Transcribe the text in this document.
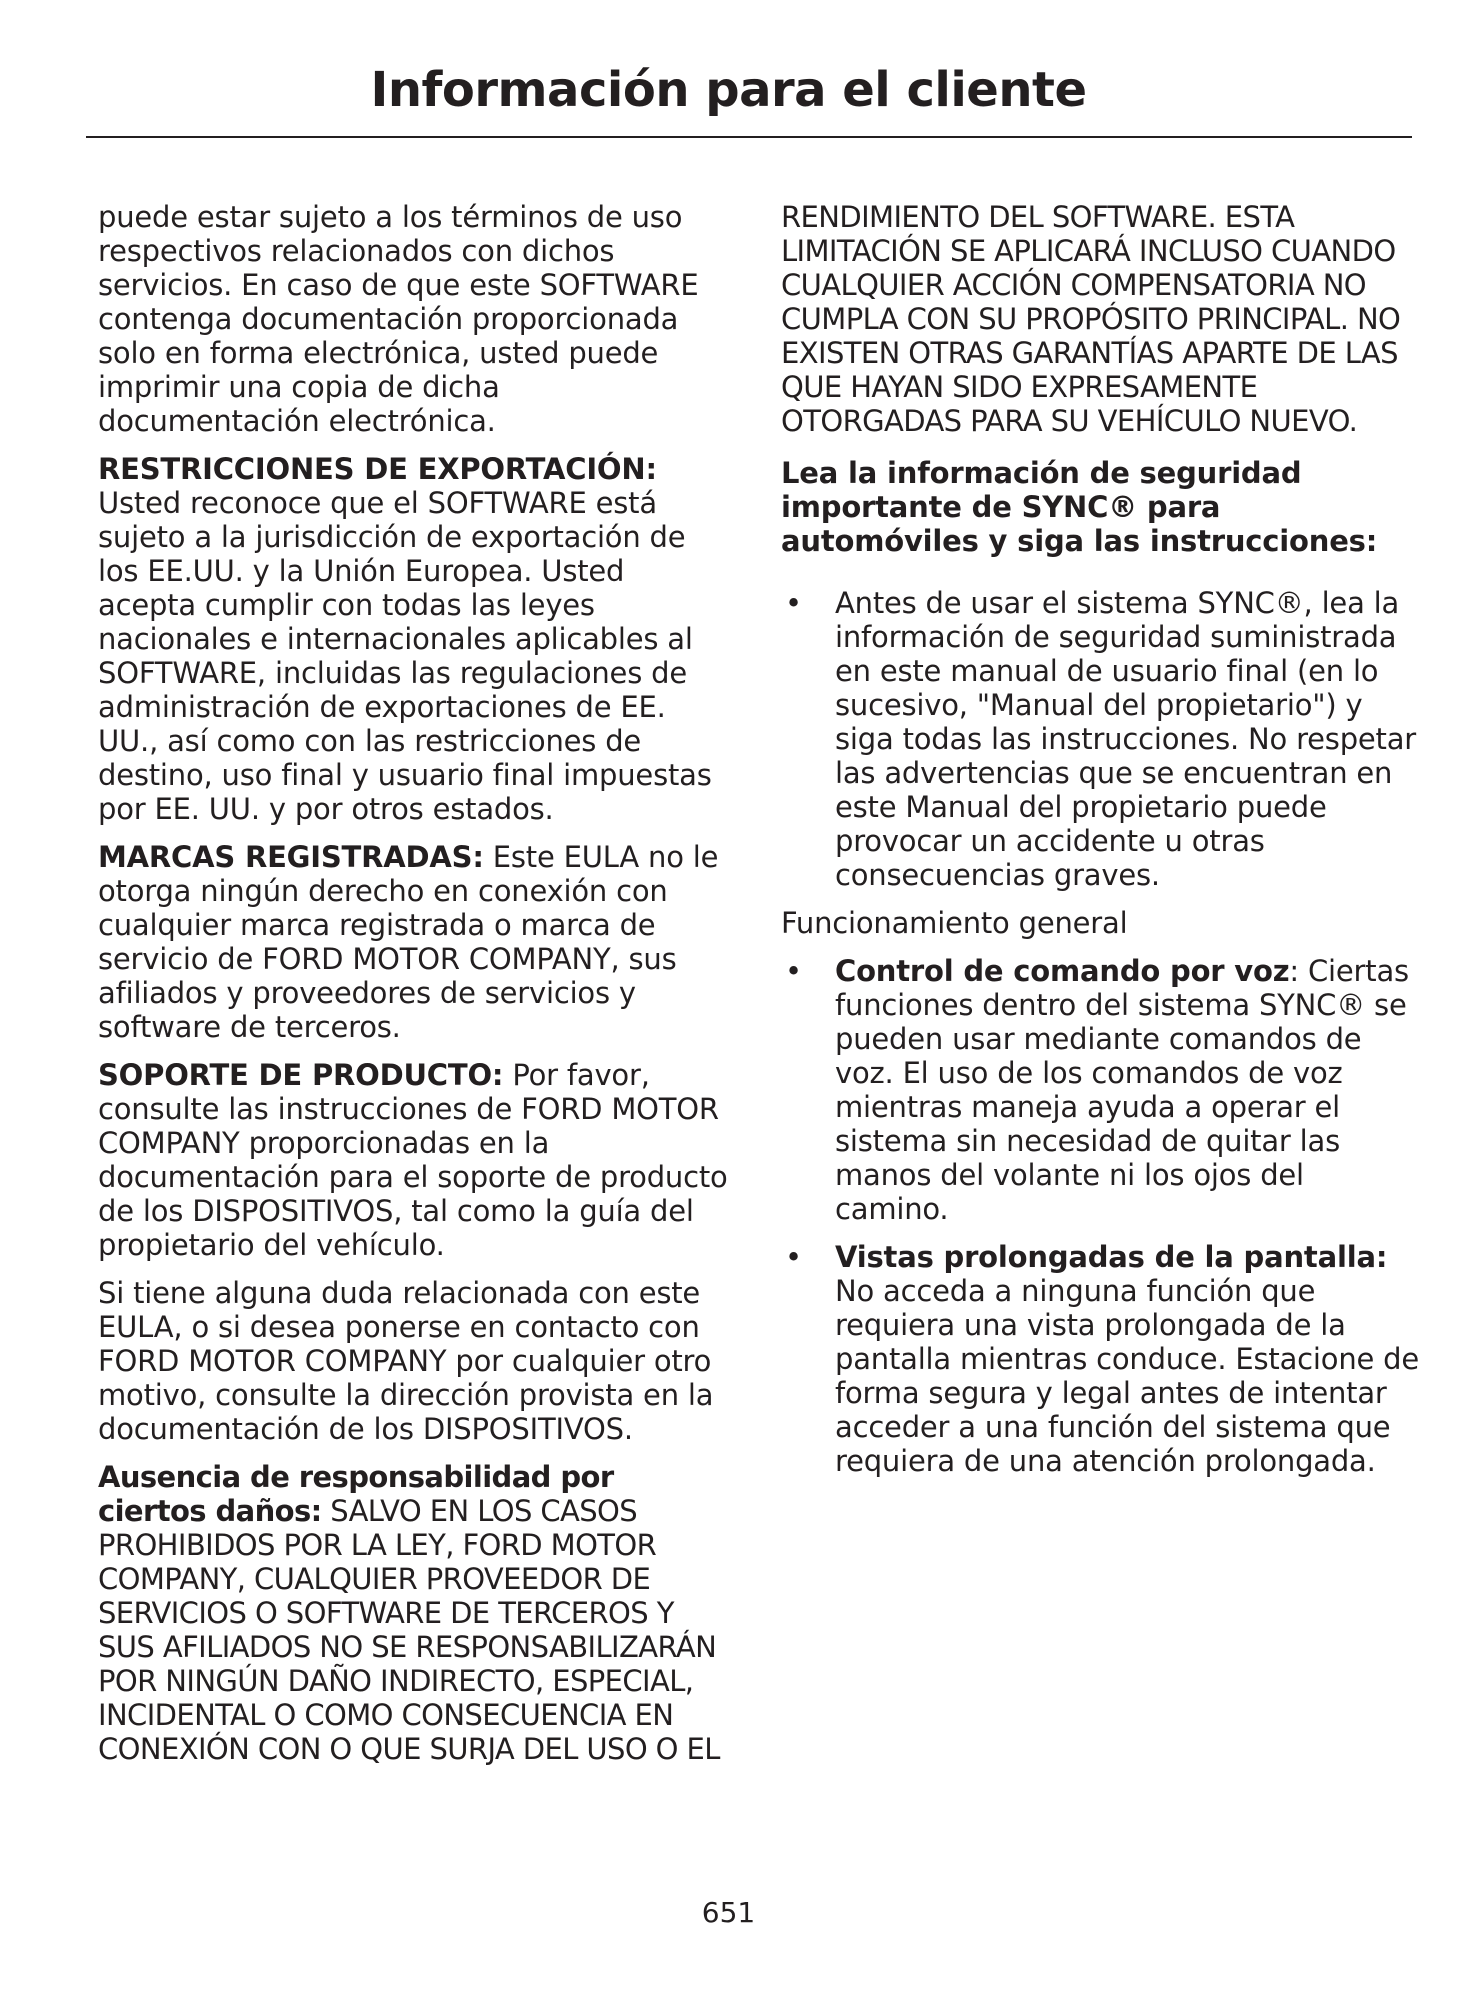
Información para el cliente

puede estar sujeto a los términos de uso respectivos relacionados con dichos servicios. En caso de que este SOFTWARE contenga documentación proporcionada solo en forma electrónica, usted puede imprimir una copia de dicha documentación electrónica.

RESTRICCIONES DE EXPORTACIÓN: Usted reconoce que el SOFTWARE está sujeto a la jurisdicción de exportación de los EE.UU. y la Unión Europea. Usted acepta cumplir con todas las leyes nacionales e internacionales aplicables al SOFTWARE, incluidas las regulaciones de administración de exportaciones de EE. UU., así como con las restricciones de destino, uso final y usuario final impuestas por EE. UU. y por otros estados.

MARCAS REGISTRADAS: Este EULA no le otorga ningún derecho en conexión con cualquier marca registrada o marca de servicio de FORD MOTOR COMPANY, sus afiliados y proveedores de servicios y software de terceros.

SOPORTE DE PRODUCTO: Por favor, consulte las instrucciones de FORD MOTOR COMPANY proporcionadas en la documentación para el soporte de producto de los DISPOSITIVOS, tal como la guía del propietario del vehículo.

Si tiene alguna duda relacionada con este EULA, o si desea ponerse en contacto con FORD MOTOR COMPANY por cualquier otro motivo, consulte la dirección provista en la documentación de los DISPOSITIVOS.

Ausencia de responsabilidad por ciertos daños: SALVO EN LOS CASOS PROHIBIDOS POR LA LEY, FORD MOTOR COMPANY, CUALQUIER PROVEEDOR DE SERVICIOS O SOFTWARE DE TERCEROS Y SUS AFILIADOS NO SE RESPONSABILIZARÁN POR NINGÚN DAÑO INDIRECTO, ESPECIAL, INCIDENTAL O COMO CONSECUENCIA EN CONEXIÓN CON O QUE SURJA DEL USO O EL

RENDIMIENTO DEL SOFTWARE. ESTA LIMITACIÓN SE APLICARÁ INCLUSO CUANDO CUALQUIER ACCIÓN COMPENSATORIA NO CUMPLA CON SU PROPÓSITO PRINCIPAL. NO EXISTEN OTRAS GARANTÍAS APARTE DE LAS QUE HAYAN SIDO EXPRESAMENTE OTORGADAS PARA SU VEHÍCULO NUEVO.

Lea la información de seguridad importante de SYNC® para automóviles y siga las instrucciones:

• Antes de usar el sistema SYNC®, lea la información de seguridad suministrada en este manual de usuario final (en lo sucesivo, "Manual del propietario") y siga todas las instrucciones. No respetar las advertencias que se encuentran en este Manual del propietario puede provocar un accidente u otras consecuencias graves.

Funcionamiento general

• Control de comando por voz: Ciertas funciones dentro del sistema SYNC® se pueden usar mediante comandos de voz. El uso de los comandos de voz mientras maneja ayuda a operar el sistema sin necesidad de quitar las manos del volante ni los ojos del camino.
• Vistas prolongadas de la pantalla: No acceda a ninguna función que requiera una vista prolongada de la pantalla mientras conduce. Estacione de forma segura y legal antes de intentar acceder a una función del sistema que requiera de una atención prolongada.
651
